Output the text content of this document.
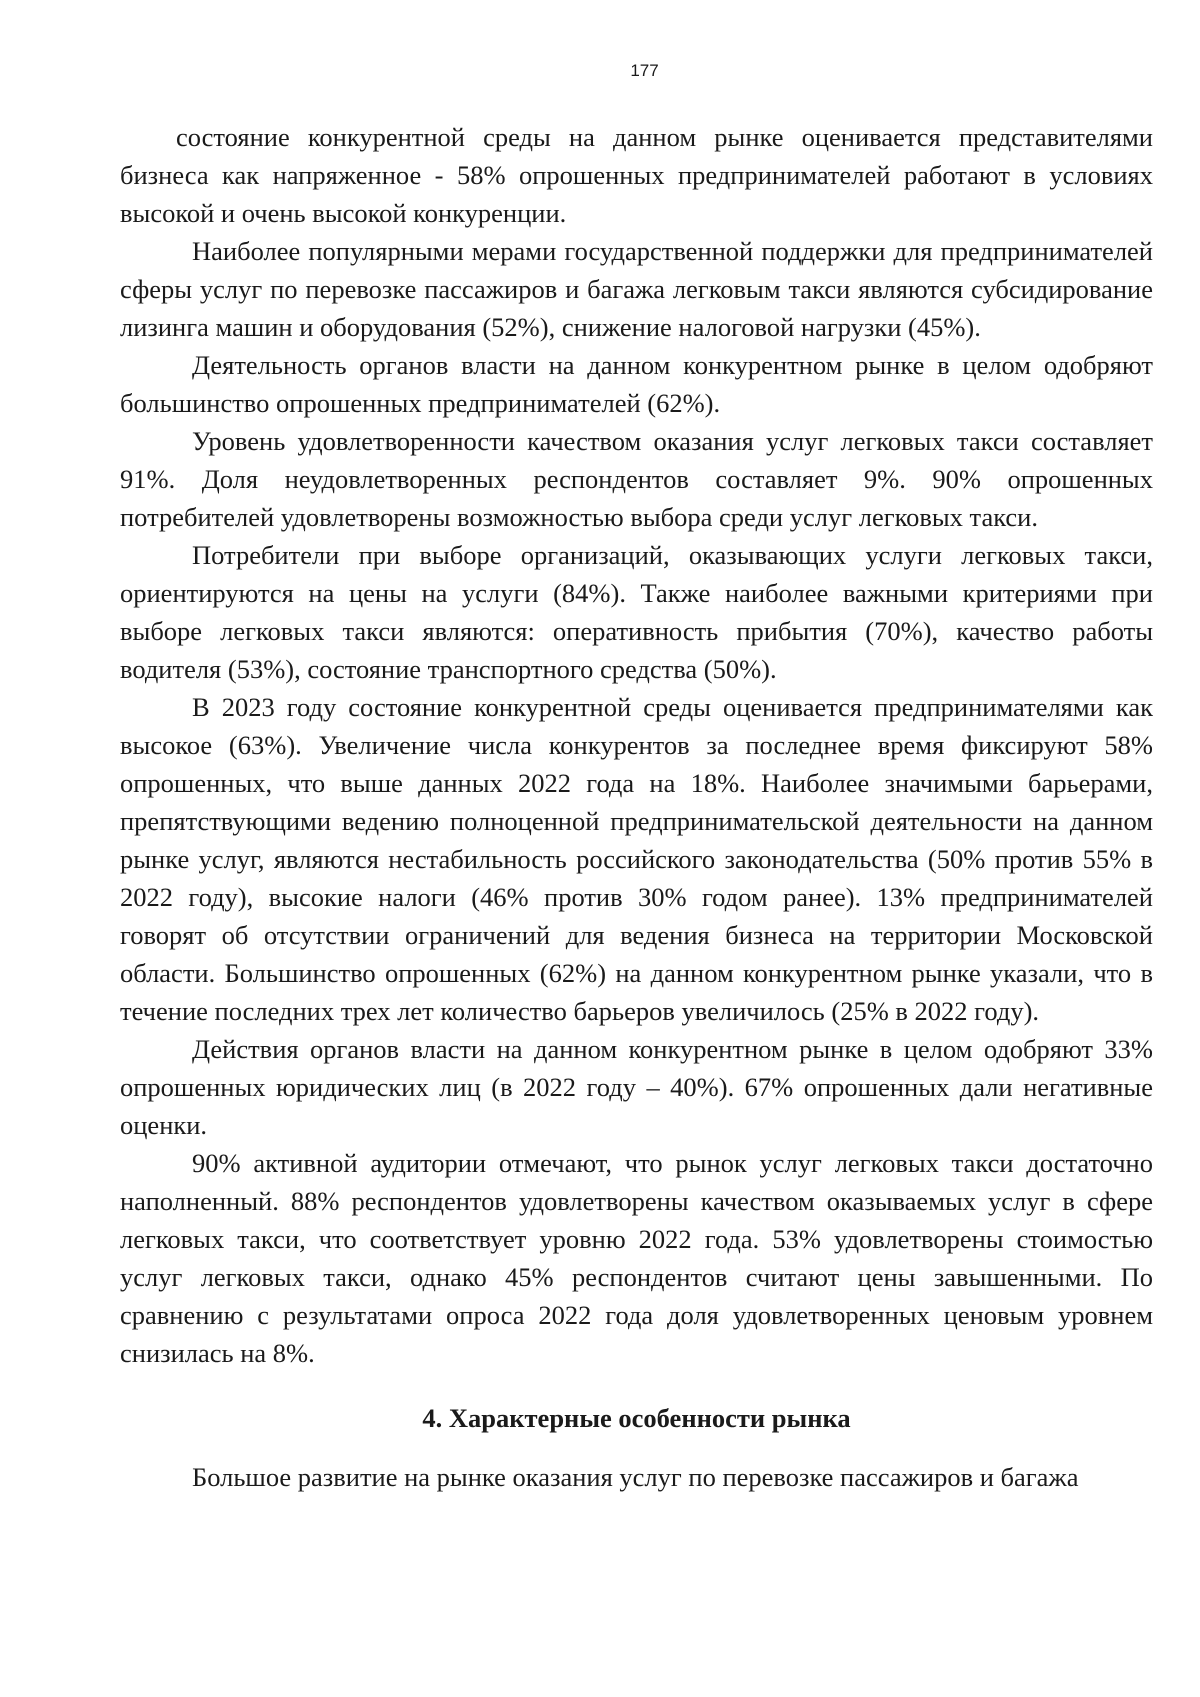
177

состояние конкурентной среды на данном рынке оценивается представителями бизнеса как напряженное - 58% опрошенных предпринимателей работают в условиях высокой и очень высокой конкуренции.

Наиболее популярными мерами государственной поддержки для предпринимателей сферы услуг по перевозке пассажиров и багажа легковым такси являются субсидирование лизинга машин и оборудования (52%), снижение налоговой нагрузки (45%).

Деятельность органов власти на данном конкурентном рынке в целом одобряют большинство опрошенных предпринимателей (62%).

Уровень удовлетворенности качеством оказания услуг легковых такси составляет 91%. Доля неудовлетворенных респондентов составляет 9%. 90% опрошенных потребителей удовлетворены возможностью выбора среди услуг легковых такси.

Потребители при выборе организаций, оказывающих услуги легковых такси, ориентируются на цены на услуги (84%). Также наиболее важными критериями при выборе легковых такси являются: оперативность прибытия (70%), качество работы водителя (53%), состояние транспортного средства (50%).

В 2023 году состояние конкурентной среды оценивается предпринимателями как высокое (63%). Увеличение числа конкурентов за последнее время фиксируют 58% опрошенных, что выше данных 2022 года на 18%. Наиболее значимыми барьерами, препятствующими ведению полноценной предпринимательской деятельности на данном рынке услуг, являются нестабильность российского законодательства (50% против 55% в 2022 году), высокие налоги (46% против 30% годом ранее). 13% предпринимателей говорят об отсутствии ограничений для ведения бизнеса на территории Московской области. Большинство опрошенных (62%) на данном конкурентном рынке указали, что в течение последних трех лет количество барьеров увеличилось (25% в 2022 году).

Действия органов власти на данном конкурентном рынке в целом одобряют 33% опрошенных юридических лиц (в 2022 году – 40%). 67% опрошенных дали негативные оценки.

90% активной аудитории отмечают, что рынок услуг легковых такси достаточно наполненный. 88% респондентов удовлетворены качеством оказываемых услуг в сфере легковых такси, что соответствует уровню 2022 года. 53% удовлетворены стоимостью услуг легковых такси, однако 45% респондентов считают цены завышенными. По сравнению с результатами опроса 2022 года доля удовлетворенных ценовым уровнем снизилась на 8%.

4. Характерные особенности рынка

Большое развитие на рынке оказания услуг по перевозке пассажиров и багажа
